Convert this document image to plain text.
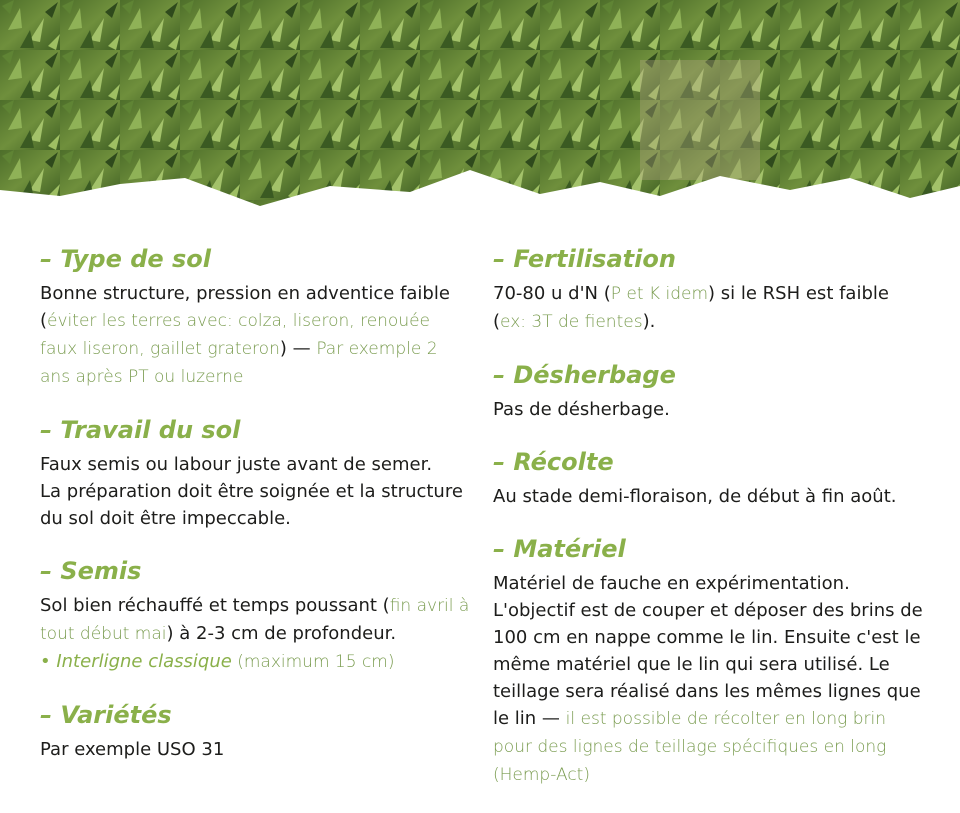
– Type de sol

Bonne structure, pression en adventice faible
(éviter les terres avec: colza, liseron, renouée faux liseron, gaillet grateron) — Par exemple 2 ans après PT ou luzerne

– Travail du sol

Faux semis ou labour juste avant de semer.
La préparation doit être soignée et la structure du sol doit être impeccable.

– Semis

Sol bien réchauffé et temps poussant (fin avril à tout début mai) à 2-3 cm de profondeur.
• Interligne classique (maximum 15 cm)

– Variétés

Par exemple USO 31

– Fertilisation

70-80 u d'N (P et K idem) si le RSH est faible (ex: 3T de fientes).

– Désherbage

Pas de désherbage.

– Récolte

Au stade demi-floraison, de début à fin août.

– Matériel

Matériel de fauche en expérimentation.
L'objectif est de couper et déposer des brins de 100 cm en nappe comme le lin. Ensuite c'est le même matériel que le lin qui sera utilisé. Le teillage sera réalisé dans les mêmes lignes que le lin — il est possible de récolter en long brin pour des lignes de teillage spécifiques en long (Hemp-Act)
